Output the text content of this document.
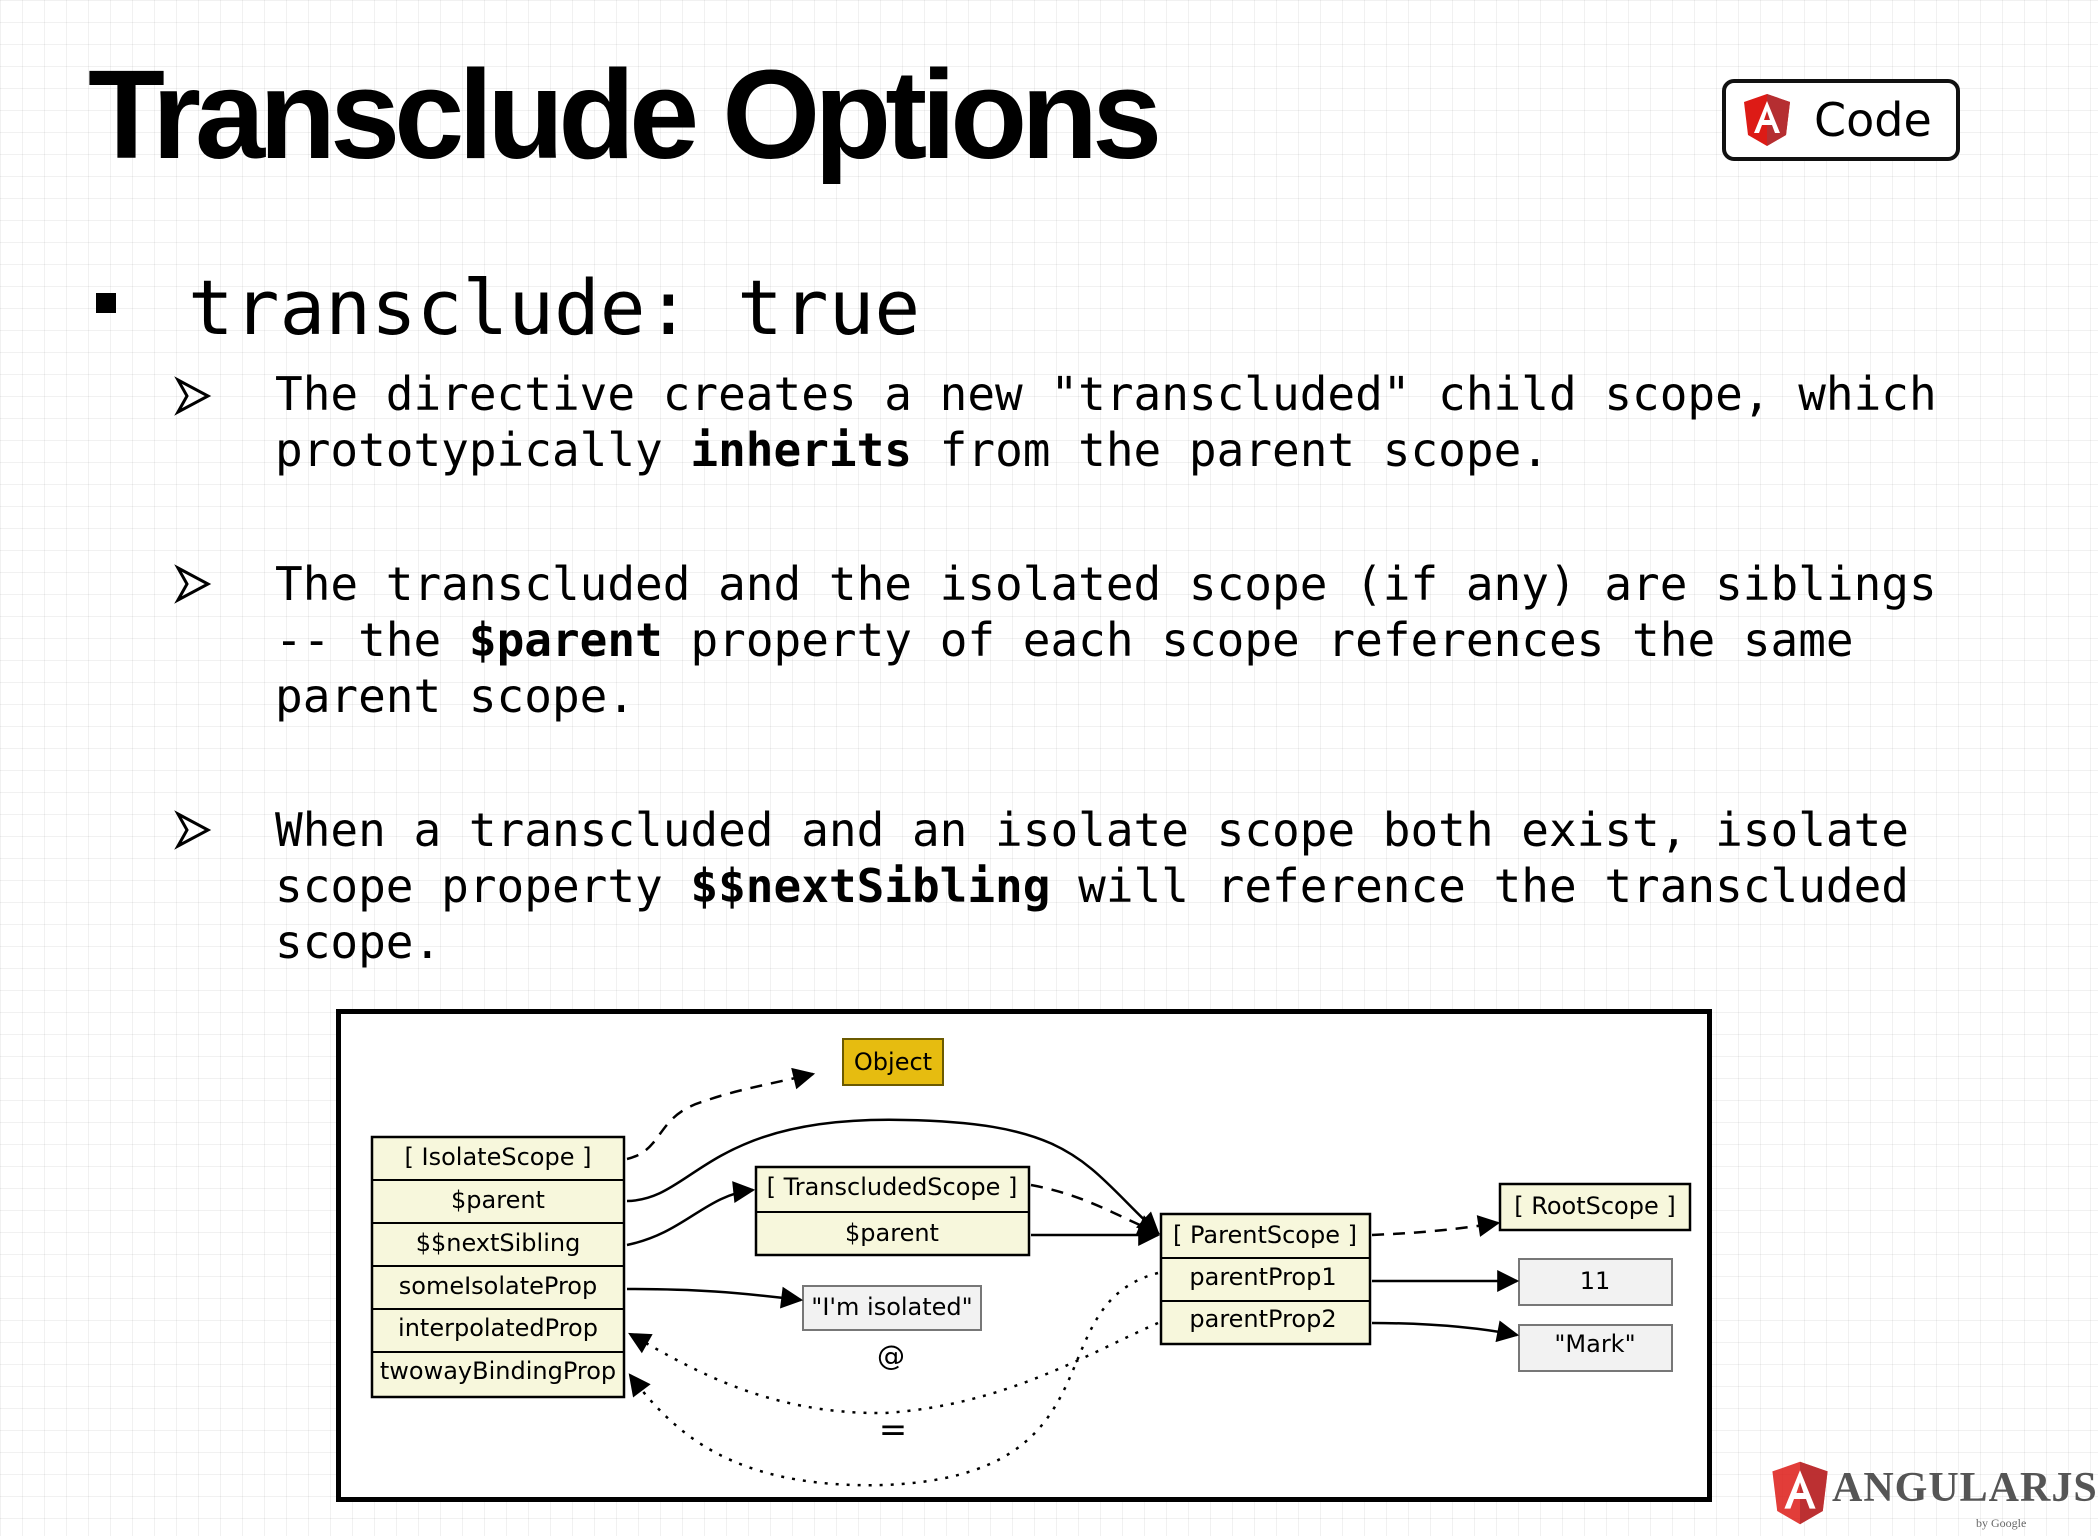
Transclude Options	Code
transclude: true
The directive creates a new "transcluded" child scope, which prototypically inherits from the parent scope.
The transcluded and the isolated scope (if any) are siblings -- the $parent property of each scope references the same parent scope.
When a transcluded and an isolate scope both exist, isolate scope property $$nextSibling will reference the transcluded scope.
Object
[ IsolateScope ]
$parent
$$nextSibling
someIsolateProp
interpolatedProp
twowayBindingProp
[ TranscludedScope ]
$parent	[ ParentScope ]
parentProp1
parentProp2
[ RootScope ]
"I'm isolated"
11
"Mark"
@
=
ANGULARJS
by Google
